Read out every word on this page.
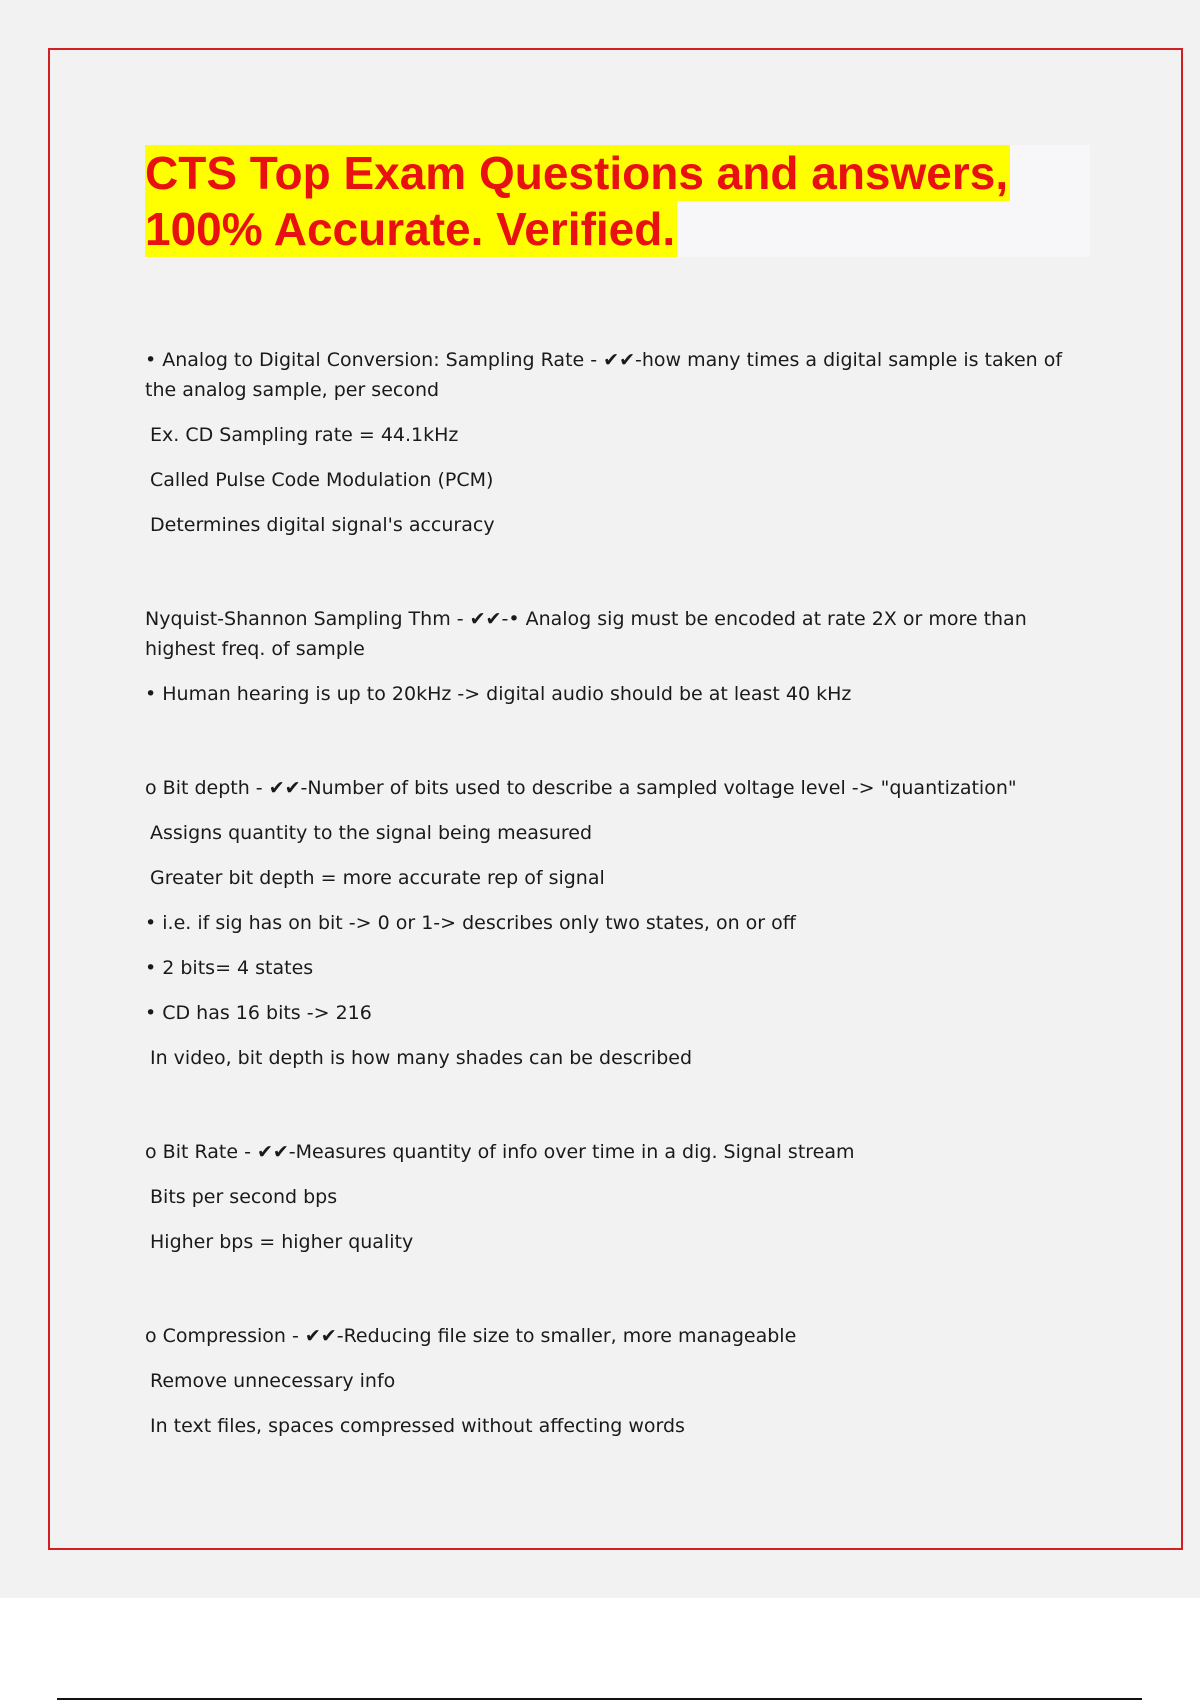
CTS Top Exam Questions and answers,
100% Accurate. Verified.

• Analog to Digital Conversion: Sampling Rate - ✔✔-how many times a digital sample is taken of the analog sample, per second

Ex. CD Sampling rate = 44.1kHz

Called Pulse Code Modulation (PCM)

Determines digital signal's accuracy

Nyquist-Shannon Sampling Thm - ✔✔-• Analog sig must be encoded at rate 2X or more than highest freq. of sample

• Human hearing is up to 20kHz -> digital audio should be at least 40 kHz

o Bit depth - ✔✔-Number of bits used to describe a sampled voltage level -> "quantization"

Assigns quantity to the signal being measured

Greater bit depth = more accurate rep of signal

• i.e. if sig has on bit -> 0 or 1-> describes only two states, on or off

• 2 bits= 4 states

• CD has 16 bits -> 216

In video, bit depth is how many shades can be described

o Bit Rate - ✔✔-Measures quantity of info over time in a dig. Signal stream

Bits per second bps

Higher bps = higher quality

o Compression - ✔✔-Reducing file size to smaller, more manageable

Remove unnecessary info

In text files, spaces compressed without affecting words
